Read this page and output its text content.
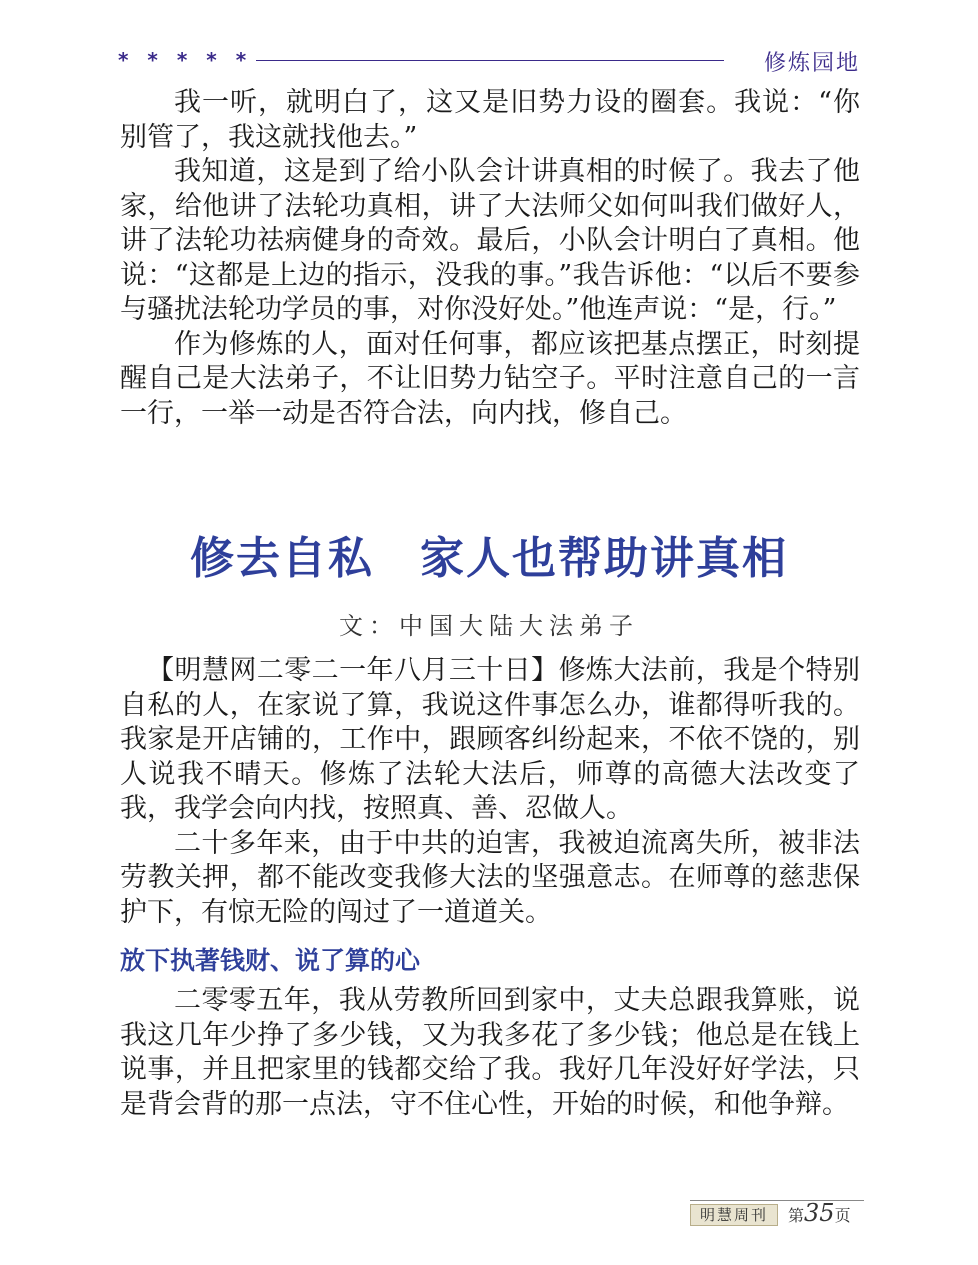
* * * * *	修炼园地

我一听，就明白了，这又是旧势力设的圈套。我说：“你别管了，我这就找他去。”

我知道，这是到了给小队会计讲真相的时候了。我去了他家，给他讲了法轮功真相，讲了大法师父如何叫我们做好人，讲了法轮功祛病健身的奇效。最后，小队会计明白了真相。他说：“这都是上边的指示，没我的事。”我告诉他：“以后不要参与骚扰法轮功学员的事，对你没好处。”他连声说：“是，行。”

作为修炼的人，面对任何事，都应该把基点摆正，时刻提醒自己是大法弟子，不让旧势力钻空子。平时注意自己的一言一行，一举一动是否符合法，向内找，修自己。

修去自私　家人也帮助讲真相
文：中国大陆大法弟子

【明慧网二零二一年八月三十日】修炼大法前，我是个特别自私的人，在家说了算，我说这件事怎么办，谁都得听我的。我家是开店铺的，工作中，跟顾客纠纷起来，不依不饶的，别人说我不晴天。修炼了法轮大法后，师尊的高德大法改变了我，我学会向内找，按照真、善、忍做人。

二十多年来，由于中共的迫害，我被迫流离失所，被非法劳教关押，都不能改变我修大法的坚强意志。在师尊的慈悲保护下，有惊无险的闯过了一道道关。

放下执著钱财、说了算的心

二零零五年，我从劳教所回到家中，丈夫总跟我算账，说我这几年少挣了多少钱，又为我多花了多少钱；他总是在钱上说事，并且把家里的钱都交给了我。我好几年没好好学法，只是背会背的那一点法，守不住心性，开始的时候，和他争辩。

明慧周刊	第35页
